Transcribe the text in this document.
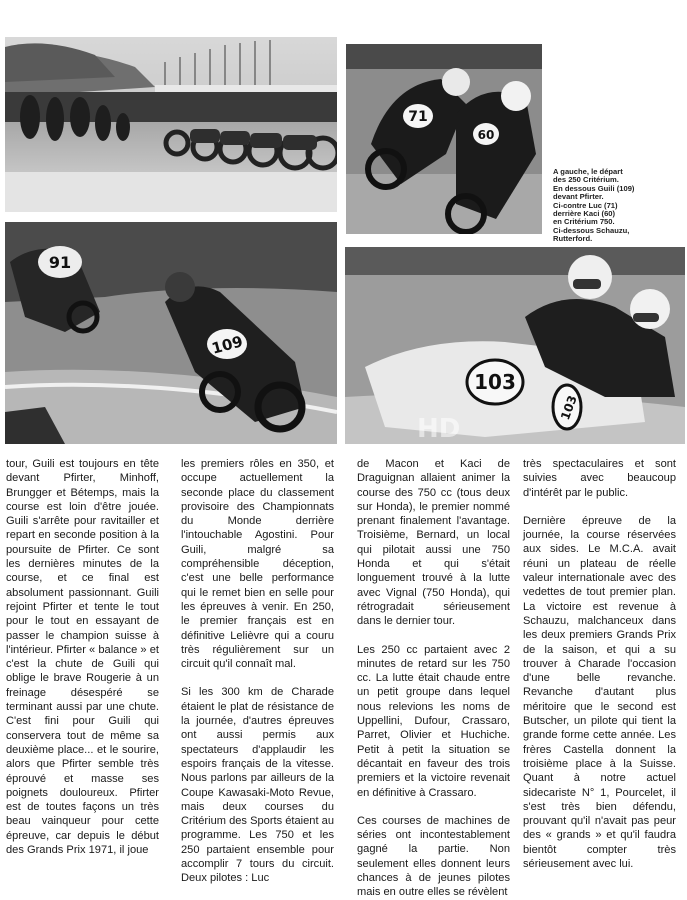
71
60
A gauche, le départ
des 250 Critérium.
En dessous Guili (109)
devant Pfirter.
Ci-contre Luc (71)
derrière Kaci (60)
en Critérium 750.
Ci-dessous Schauzu,
Rutterford.
91
109
103
103
HD

tour, Guili est toujours en tête devant Pfirter, Minhoff, Brungger et Bétemps, mais la course est loin d'être jouée. Guili s'arrête pour ravitailler et repart en seconde position à la poursuite de Pfirter. Ce sont les dernières minutes de la course, et ce final est absolument passionnant. Guili rejoint Pfirter et tente le tout pour le tout en essayant de passer le champion suisse à l'intérieur. Pfirter « balance » et c'est la chute de Guili qui oblige le brave Rougerie à un freinage désespéré se terminant aussi par une chute. C'est fini pour Guili qui conservera tout de même sa deuxième place... et le sourire, alors que Pfirter semble très éprouvé et masse ses poignets douloureux. Pfirter est de toutes façons un très beau vainqueur pour cette épreuve, car depuis le début des Grands Prix 1971, il joue

les premiers rôles en 350, et occupe actuellement la seconde place du classement provisoire des Championnats du Monde derrière l'intouchable Agostini. Pour Guili, malgré sa compréhensible déception, c'est une belle performance qui le remet bien en selle pour les épreuves à venir. En 250, le premier français est en définitive Lelièvre qui a couru très régulièrement sur un circuit qu'il connaît mal.

Si les 300 km de Charade étaient le plat de résistance de la journée, d'autres épreuves ont aussi permis aux spectateurs d'applaudir les espoirs français de la vitesse. Nous parlons par ailleurs de la Coupe Kawasaki-Moto Revue, mais deux courses du Critérium des Sports étaient au programme. Les 750 et les 250 partaient ensemble pour accomplir 7 tours du circuit. Deux pilotes : Luc

de Macon et Kaci de Draguignan allaient animer la course des 750 cc (tous deux sur Honda), le premier nommé prenant finalement l'avantage. Troisième, Bernard, un local qui pilotait aussi une 750 Honda et qui s'était longuement trouvé à la lutte avec Vignal (750 Honda), qui rétrogradait sérieusement dans le dernier tour.

Les 250 cc partaient avec 2 minutes de retard sur les 750 cc. La lutte était chaude entre un petit groupe dans lequel nous relevions les noms de Uppellini, Dufour, Crassaro, Parret, Olivier et Huchiche. Petit à petit la situation se décantait en faveur des trois premiers et la victoire revenait en définitive à Crassaro.

Ces courses de machines de séries ont incontestablement gagné la partie. Non seulement elles donnent leurs chances à de jeunes pilotes mais en outre elles se révèlent

très spectaculaires et sont suivies avec beaucoup d'intérêt par le public.

Dernière épreuve de la journée, la course réservées aux sides. Le M.C.A. avait réuni un plateau de réelle valeur internationale avec des vedettes de tout premier plan. La victoire est revenue à Schauzu, malchanceux dans les deux premiers Grands Prix de la saison, et qui a su trouver à Charade l'occasion d'une belle revanche. Revanche d'autant plus méritoire que le second est Butscher, un pilote qui tient la grande forme cette année. Les frères Castella donnent la troisième place à la Suisse. Quant à notre actuel sidecariste N° 1, Pourcelet, il s'est très bien défendu, prouvant qu'il n'avait pas peur des « grands » et qu'il faudra bientôt compter très sérieusement avec lui.
